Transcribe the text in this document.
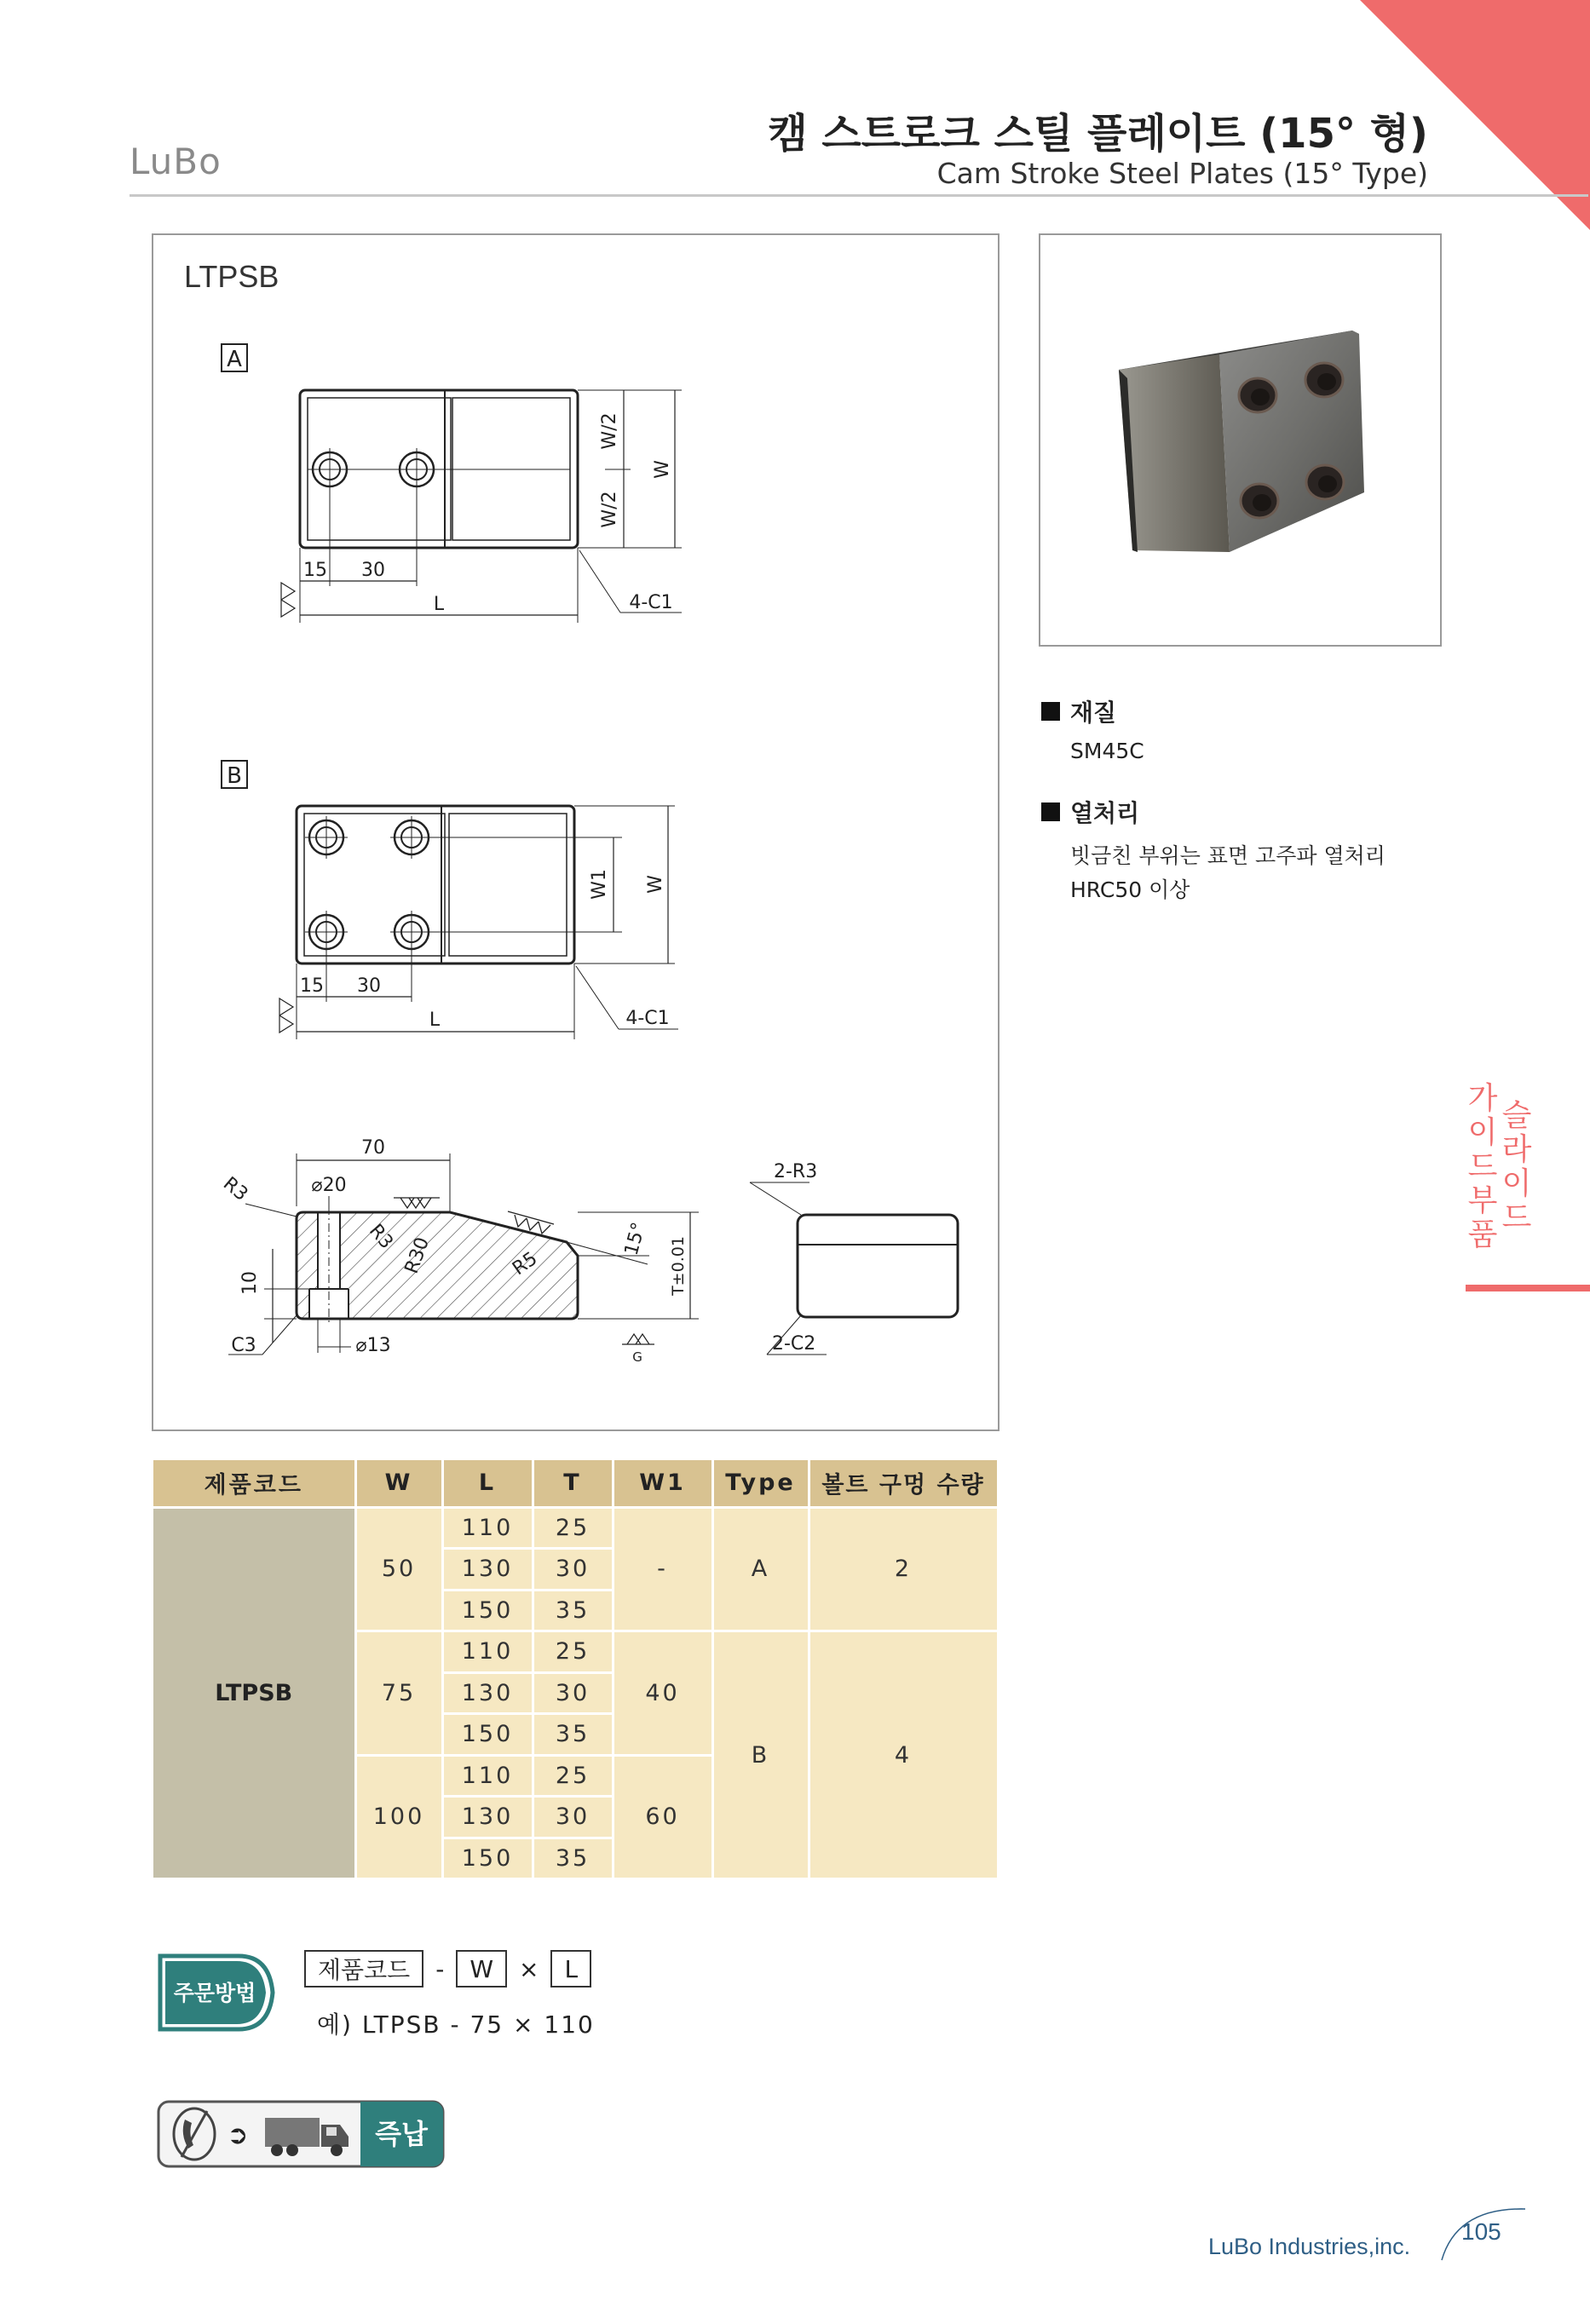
LuBo
캠 스트로크 스틸 플레이트 (15° 형)
Cam Stroke Steel Plates (15° Type)
LTPSB
A
W/2
W/2
W
15 30
L	4-C1
B
W1 W
15 30
L	4-C1
70
R3	⌀20
R3 R30	R5
15° T±0.01
G
10
C3	⌀13
2-R3
2-C2
재질
SM45C
열처리
빗금친 부위는 표면 고주파 열처리
HRC50 이상
가
이
드
부
품
슬
라
이
드
제품코드	W	L	T	W1	Type	볼트 구멍 수량
LTPSB	50	110	25	-	A	2
		130	30			
		150	35			
	75	110	25	40	B	4
		130	30			
		150	35			
	100	110	25	60		
		130	30			
		150	35			
주문방법
제품코드	-	W	×	L
예) LTPSB - 75 × 110
➲	즉납
LuBo Industries,inc.
105
